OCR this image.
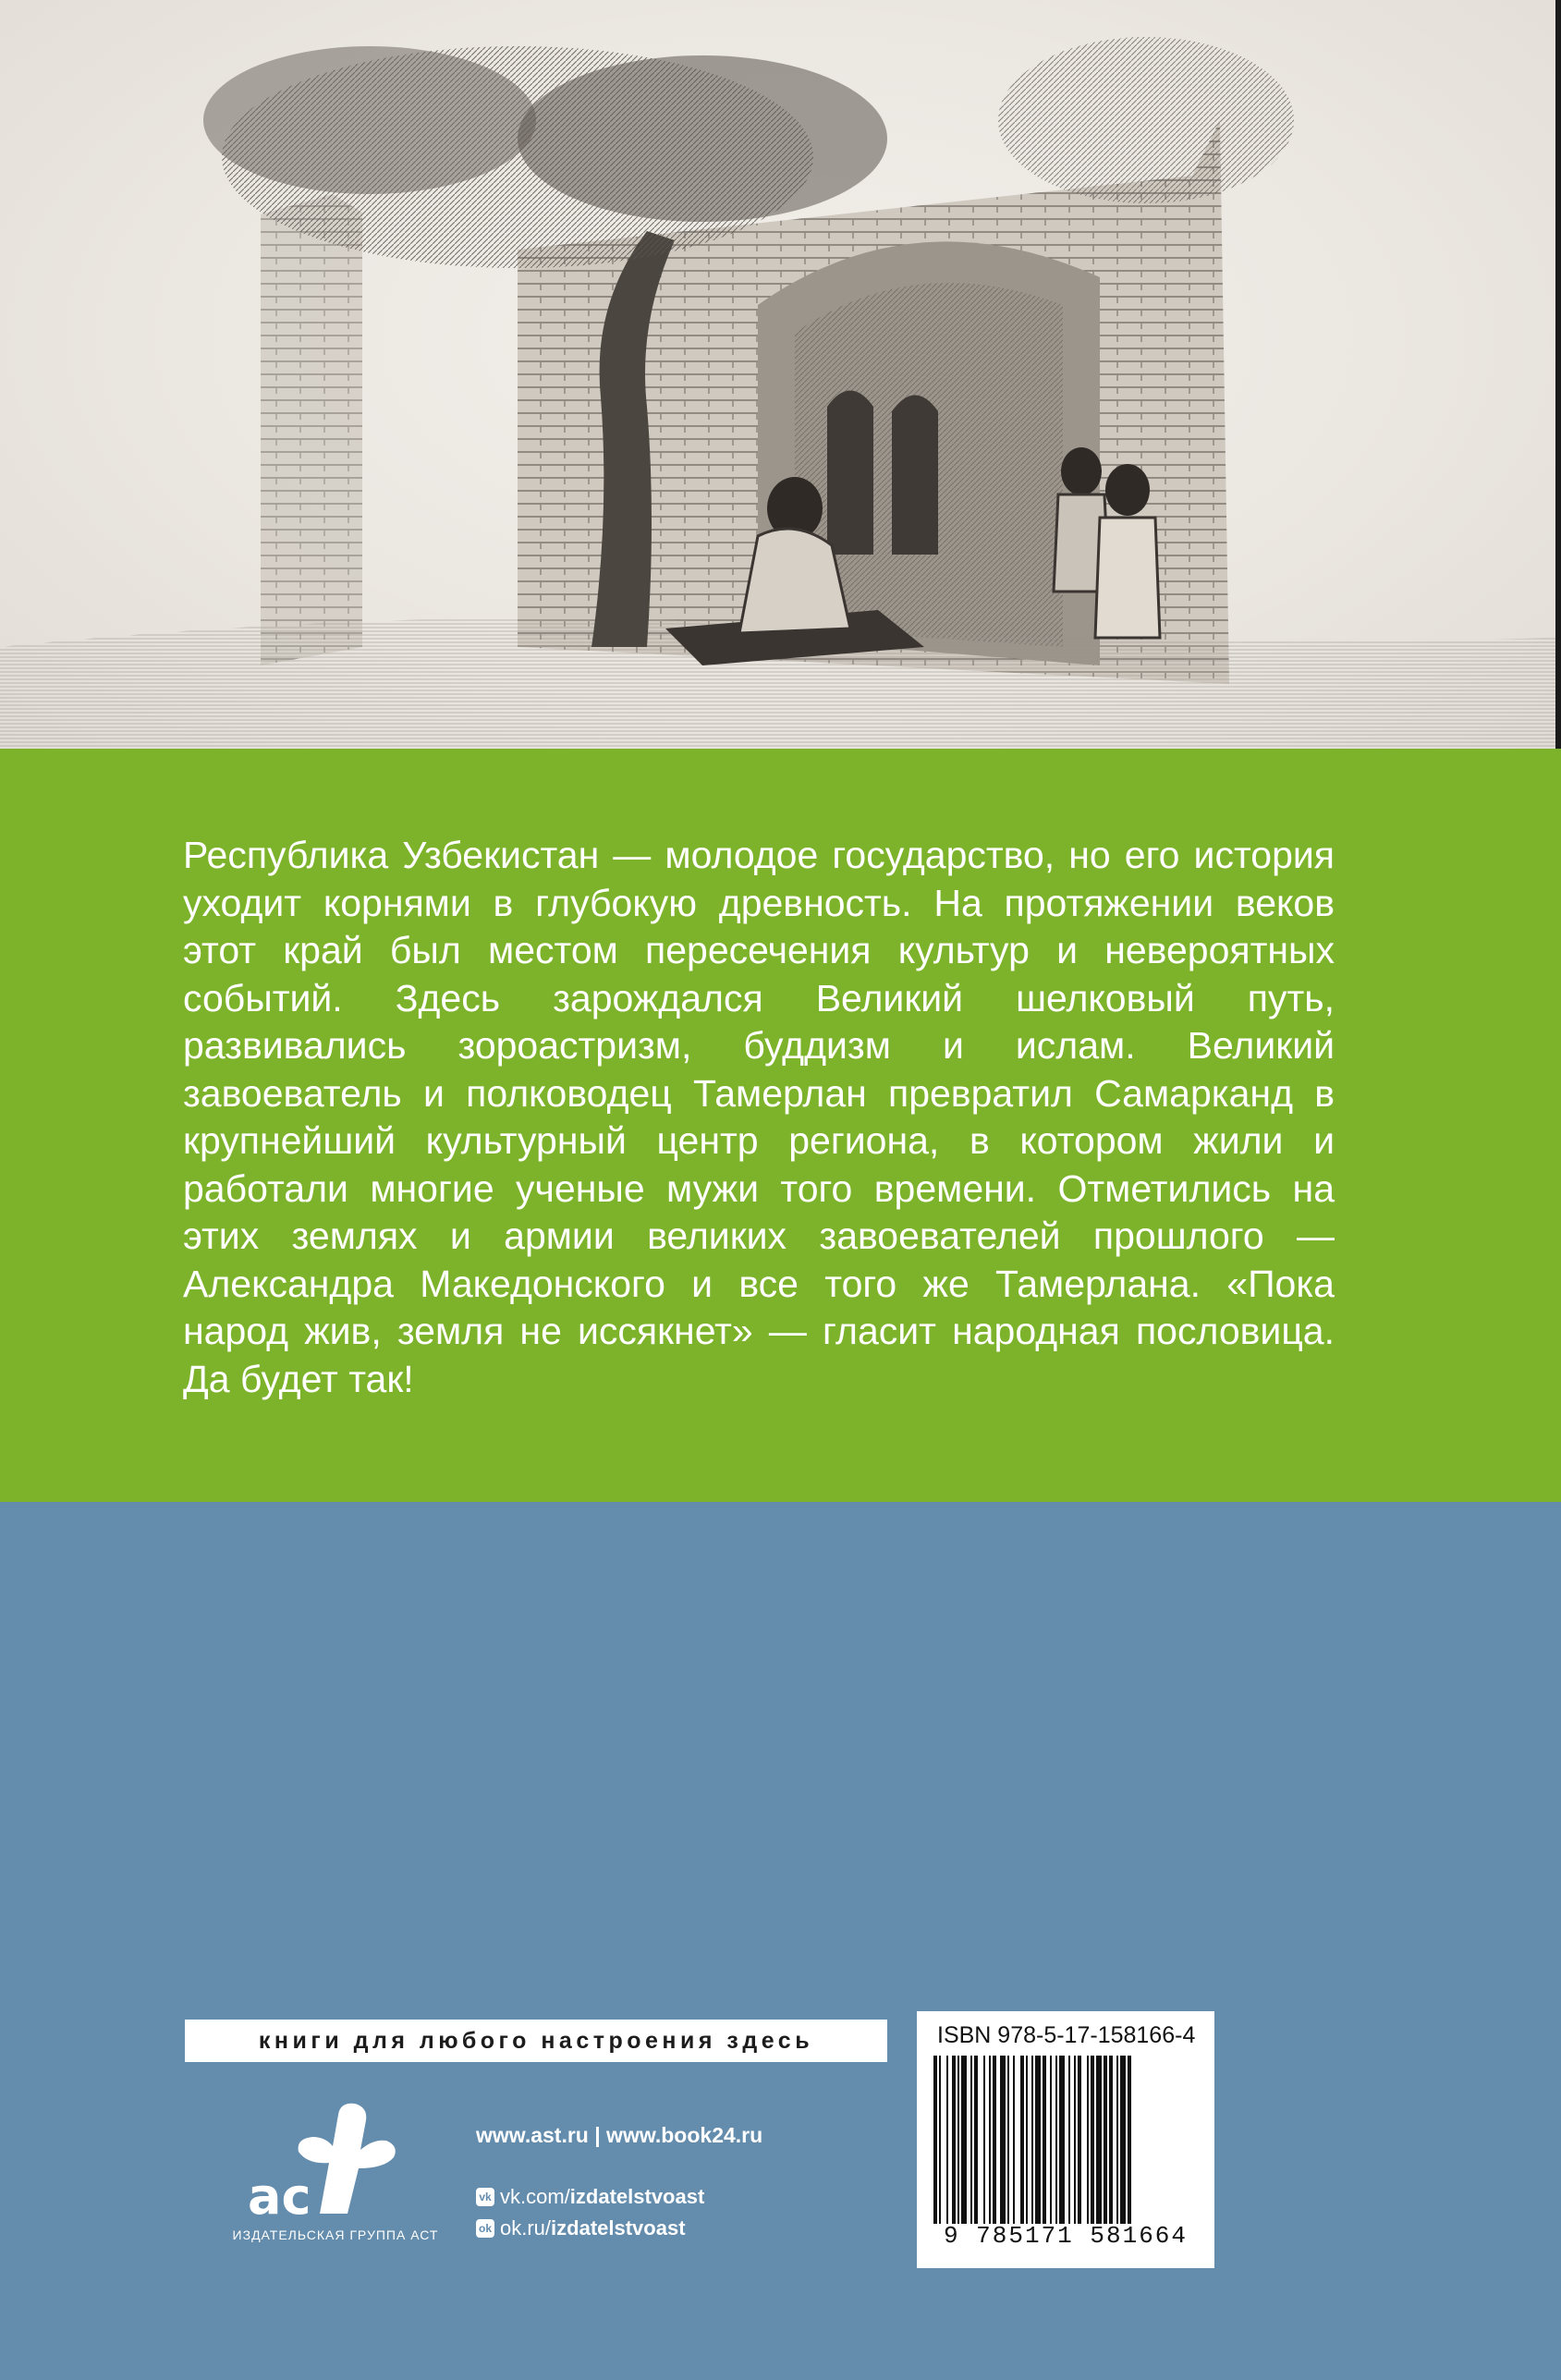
Республика Узбекистан — молодое государство, но его история уходит корнями в глубокую древность. На протяжении веков этот край был местом пересечения культур и невероятных событий. Здесь зарождался Великий шелковый путь, развивались зороастризм, буддизм и ислам. Великий завоеватель и полководец Тамерлан превратил Самарканд в крупнейший культурный центр региона, в котором жили и работали многие ученые мужи того времени. Отметились на этих землях и армии великих завоевателей прошлого — Александра Македонского и все того же Тамерлана. «Пока народ жив, земля не иссякнет» — гласит народная пословица. Да будет так!

книги для любого настроения здесь
ac
ИЗДАТЕЛЬСКАЯ ГРУППА АСТ
www.ast.ru | www.book24.ru
vk vk.com/ izdatelstvoast
ok ok.ru/ izdatelstvoast
ISBN 978-5-17-158166-4
9 785171 581664
